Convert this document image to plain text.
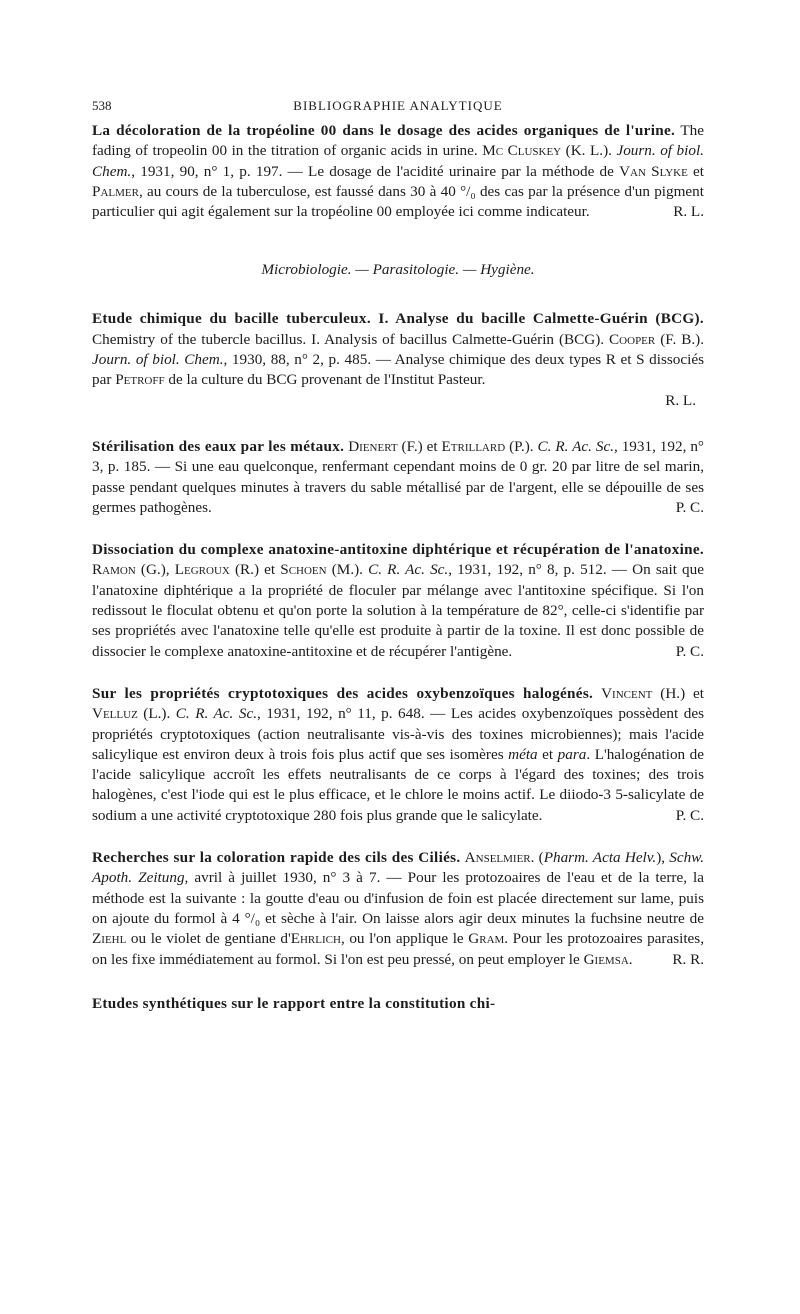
538	BIBLIOGRAPHIE ANALYTIQUE

La décoloration de la tropéoline 00 dans le dosage des acides organiques de l'urine. The fading of tropeolin 00 in the titration of organic acids in urine. Mc Cluskey (K. L.). Journ. of biol. Chem., 1931, 90, n° 1, p. 197. — Le dosage de l'acidité urinaire par la méthode de Van Slyke et Palmer, au cours de la tuberculose, est faussé dans 30 à 40 °/₀ des cas par la présence d'un pigment particulier qui agit également sur la tropéoline 00 employée ici comme indicateur.	R. L.

Microbiologie. — Parasitologie. — Hygiène.

Etude chimique du bacille tuberculeux. I. Analyse du bacille Calmette-Guérin (BCG). Chemistry of the tubercle bacillus. I. Analysis of bacillus Calmette-Guérin (BCG). Cooper (F. B.). Journ. of biol. Chem., 1930, 88, n° 2, p. 485. — Analyse chimique des deux types R et S dissociés par Petroff de la culture du BCG provenant de l'Institut Pasteur.

R. L.

Stérilisation des eaux par les métaux. Dienert (F.) et Etrillard (P.). C. R. Ac. Sc., 1931, 192, n° 3, p. 185. — Si une eau quelconque, renfermant cependant moins de 0 gr. 20 par litre de sel marin, passe pendant quelques minutes à travers du sable métallisé par de l'argent, elle se dépouille de ses germes pathogènes.	P. C.

Dissociation du complexe anatoxine-antitoxine diphtérique et récupération de l'anatoxine. Ramon (G.), Legroux (R.) et Schoen (M.). C. R. Ac. Sc., 1931, 192, n° 8, p. 512. — On sait que l'anatoxine diphtérique a la propriété de floculer par mélange avec l'antitoxine spécifique. Si l'on redissout le floculat obtenu et qu'on porte la solution à la température de 82°, celle-ci s'identifie par ses propriétés avec l'anatoxine telle qu'elle est produite à partir de la toxine. Il est donc possible de dissocier le complexe anatoxine-antitoxine et de récupérer l'antigène.	P. C.

Sur les propriétés cryptotoxiques des acides oxybenzoïques halogénés. Vincent (H.) et Velluz (L.). C. R. Ac. Sc., 1931, 192, n° 11, p. 648. — Les acides oxybenzoïques possèdent des propriétés cryptotoxiques (action neutralisante vis-à-vis des toxines microbiennes); mais l'acide salicylique est environ deux à trois fois plus actif que ses isomères méta et para. L'halogénation de l'acide salicylique accroît les effets neutralisants de ce corps à l'égard des toxines; des trois halogènes, c'est l'iode qui est le plus efficace, et le chlore le moins actif. Le diiodo-3 5-salicylate de sodium a une activité cryptotoxique 280 fois plus grande que le salicylate.	P. C.

Recherches sur la coloration rapide des cils des Ciliés. Anselmier. (Pharm. Acta Helv.), Schw. Apoth. Zeitung, avril à juillet 1930, n° 3 à 7. — Pour les protozoaires de l'eau et de la terre, la méthode est la suivante : la goutte d'eau ou d'infusion de foin est placée directement sur lame, puis on ajoute du formol à 4 °/₀ et sèche à l'air. On laisse alors agir deux minutes la fuchsine neutre de Ziehl ou le violet de gentiane d'Ehrlich, ou l'on applique le Gram. Pour les protozoaires parasites, on les fixe immédiatement au formol. Si l'on est peu pressé, on peut employer le Giemsa.	R. R.

Etudes synthétiques sur le rapport entre la constitution chi-
